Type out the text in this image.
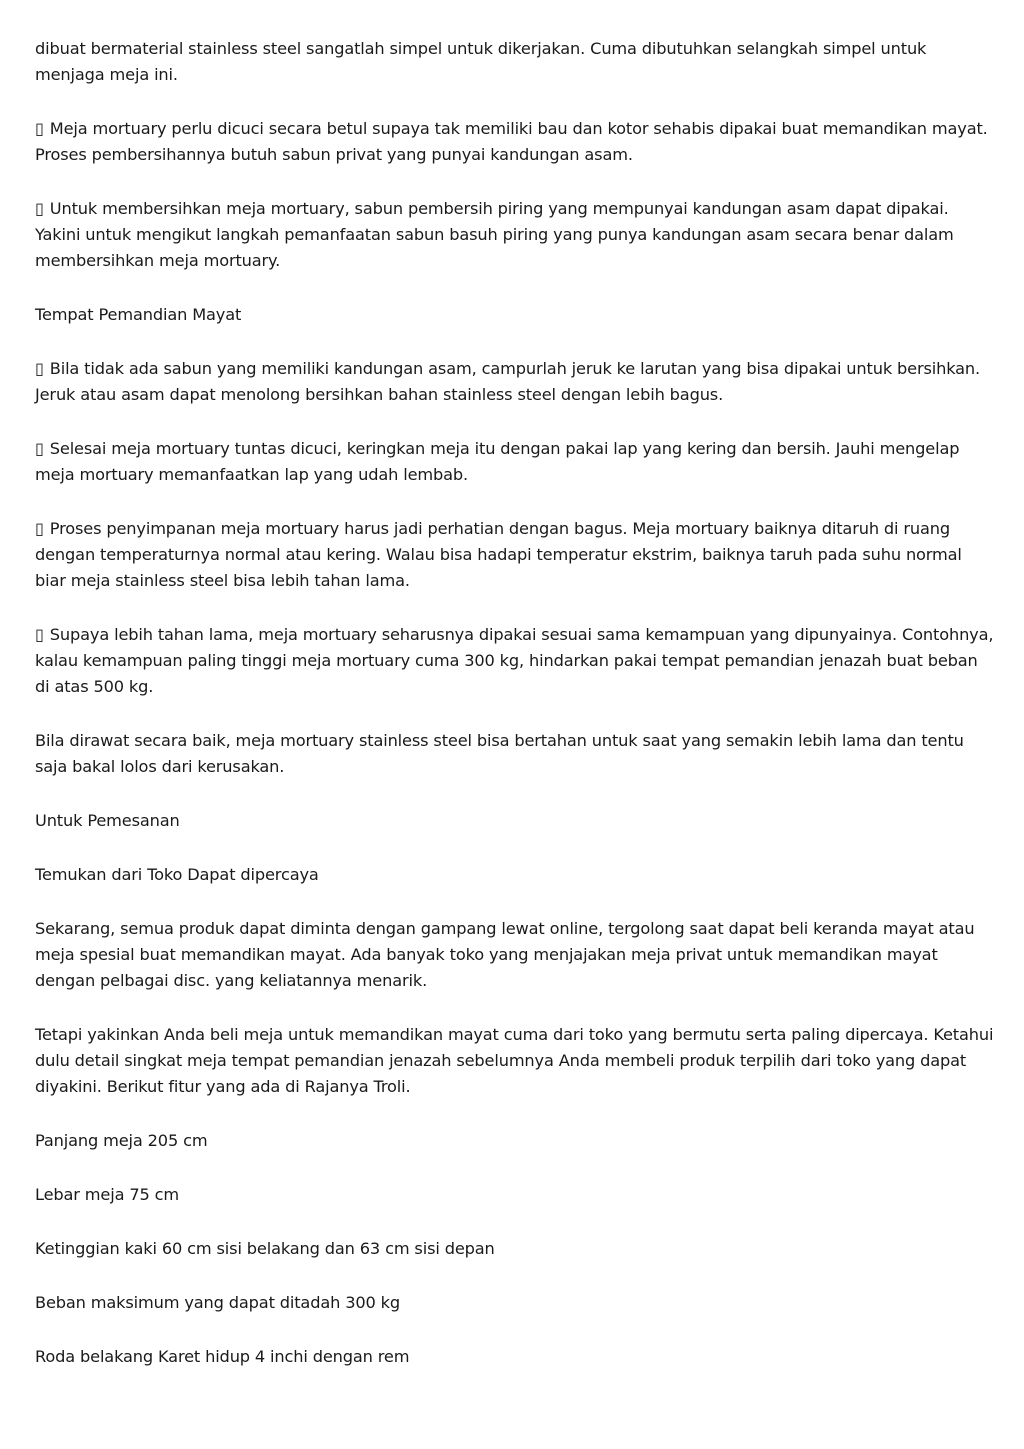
dibuat bermaterial stainless steel sangatlah simpel untuk dikerjakan. Cuma dibutuhkan selangkah simpel untuk menjaga meja ini.

▯ Meja mortuary perlu dicuci secara betul supaya tak memiliki bau dan kotor sehabis dipakai buat memandikan mayat. Proses pembersihannya butuh sabun privat yang punyai kandungan asam.

▯ Untuk membersihkan meja mortuary, sabun pembersih piring yang mempunyai kandungan asam dapat dipakai. Yakini untuk mengikut langkah pemanfaatan sabun basuh piring yang punya kandungan asam secara benar dalam membersihkan meja mortuary.

Tempat Pemandian Mayat

▯ Bila tidak ada sabun yang memiliki kandungan asam, campurlah jeruk ke larutan yang bisa dipakai untuk bersihkan. Jeruk atau asam dapat menolong bersihkan bahan stainless steel dengan lebih bagus.

▯ Selesai meja mortuary tuntas dicuci, keringkan meja itu dengan pakai lap yang kering dan bersih. Jauhi mengelap meja mortuary memanfaatkan lap yang udah lembab.

▯ Proses penyimpanan meja mortuary harus jadi perhatian dengan bagus. Meja mortuary baiknya ditaruh di ruang dengan temperaturnya normal atau kering. Walau bisa hadapi temperatur ekstrim, baiknya taruh pada suhu normal biar meja stainless steel bisa lebih tahan lama.

▯ Supaya lebih tahan lama, meja mortuary seharusnya dipakai sesuai sama kemampuan yang dipunyainya. Contohnya, kalau kemampuan paling tinggi meja mortuary cuma 300 kg, hindarkan pakai tempat pemandian jenazah buat beban di atas 500 kg.

Bila dirawat secara baik, meja mortuary stainless steel bisa bertahan untuk saat yang semakin lebih lama dan tentu saja bakal lolos dari kerusakan.

Untuk Pemesanan

Temukan dari Toko Dapat dipercaya

Sekarang, semua produk dapat diminta dengan gampang lewat online, tergolong saat dapat beli keranda mayat atau meja spesial buat memandikan mayat. Ada banyak toko yang menjajakan meja privat untuk memandikan mayat dengan pelbagai disc. yang keliatannya menarik.

Tetapi yakinkan Anda beli meja untuk memandikan mayat cuma dari toko yang bermutu serta paling dipercaya. Ketahui dulu detail singkat meja tempat pemandian jenazah sebelumnya Anda membeli produk terpilih dari toko yang dapat diyakini. Berikut fitur yang ada di Rajanya Troli.

Panjang meja 205 cm

Lebar meja 75 cm

Ketinggian kaki 60 cm sisi belakang dan 63 cm sisi depan

Beban maksimum yang dapat ditadah 300 kg

Roda belakang Karet hidup 4 inchi dengan rem
